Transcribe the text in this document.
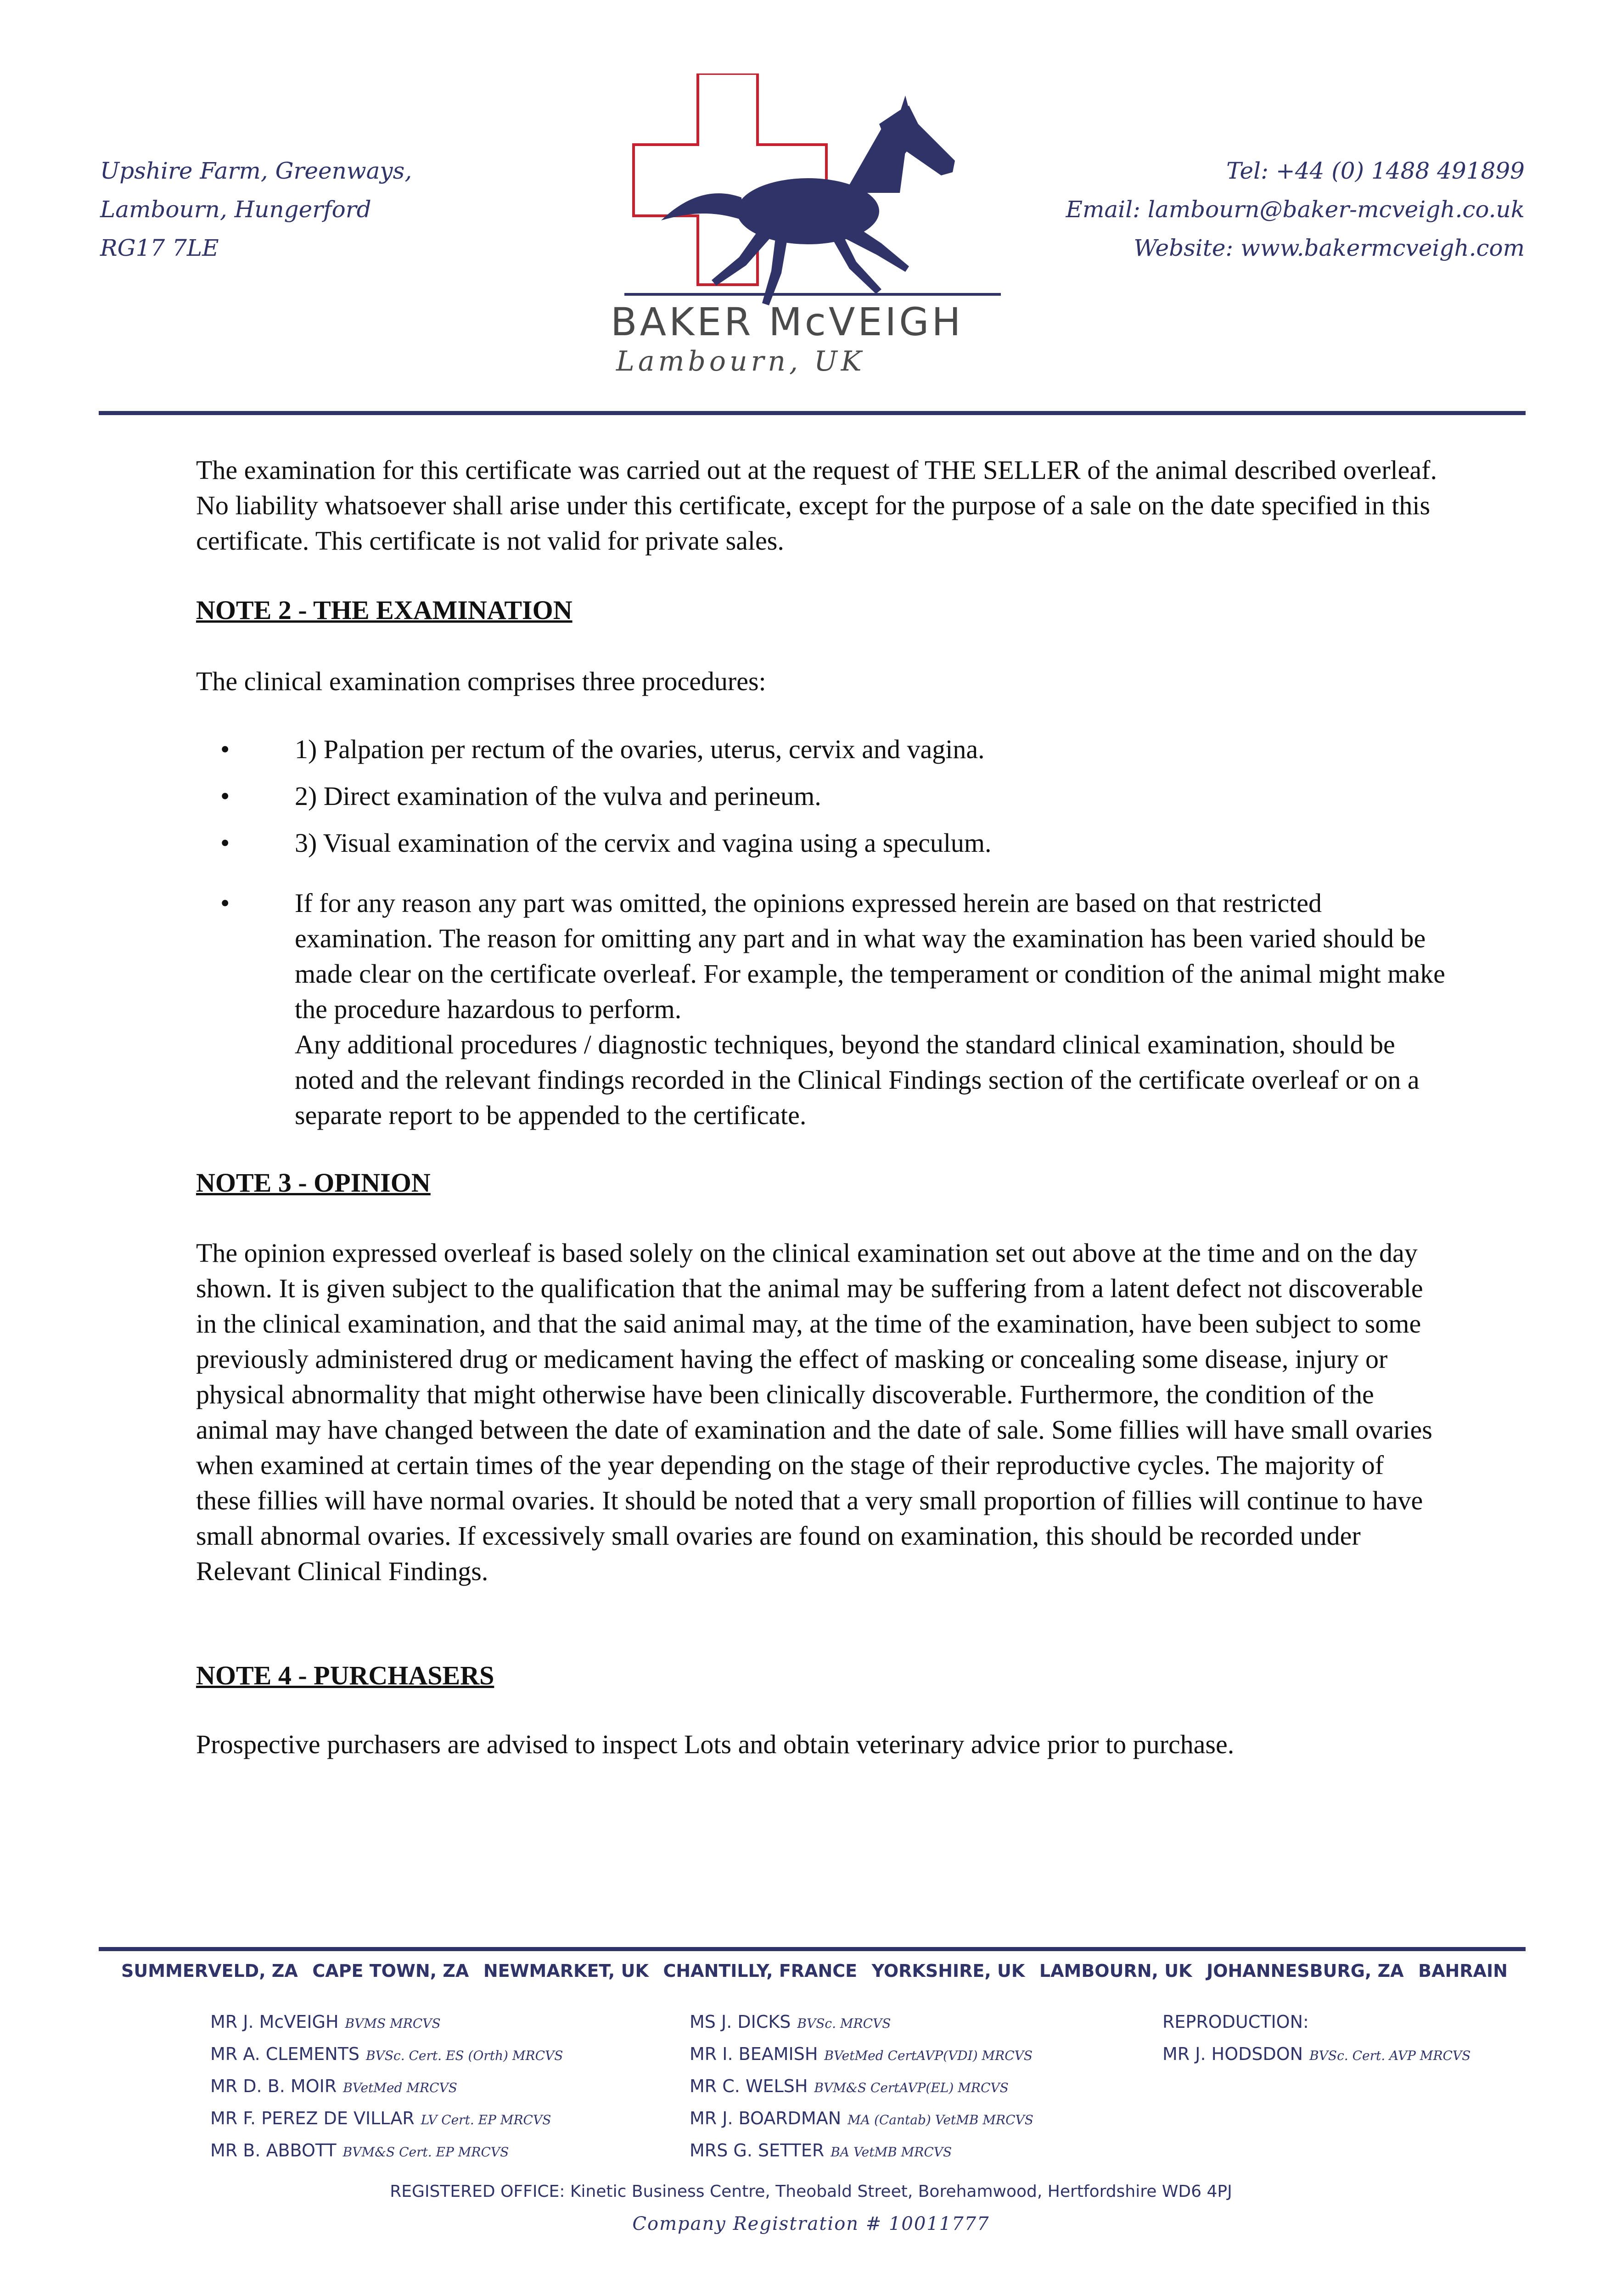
Upshire Farm, Greenways,
Lambourn, Hungerford
RG17 7LE
Tel: +44 (0) 1488 491899
Email: lambourn@baker-mcveigh.co.uk
Website: www.bakermcveigh.com
BAKER McVEIGH
Lambourn, UK

The examination for this certificate was carried out at the request of THE SELLER of the animal described overleaf. No liability whatsoever shall arise under this certificate, except for the purpose of a sale on the date specified in this certificate. This certificate is not valid for private sales.

NOTE 2 - THE EXAMINATION

The clinical examination comprises three procedures:

• 1) Palpation per rectum of the ovaries, uterus, cervix and vagina.
• 2) Direct examination of the vulva and perineum.
• 3) Visual examination of the cervix and vagina using a speculum.
• If for any reason any part was omitted, the opinions expressed herein are based on that restricted examination. The reason for omitting any part and in what way the examination has been varied should be made clear on the certificate overleaf. For example, the temperament or condition of the animal might make the procedure hazardous to perform.
Any additional procedures / diagnostic techniques, beyond the standard clinical examination, should be noted and the relevant findings recorded in the Clinical Findings section of the certificate overleaf or on a separate report to be appended to the certificate.
NOTE 3 - OPINION

The opinion expressed overleaf is based solely on the clinical examination set out above at the time and on the day shown. It is given subject to the qualification that the animal may be suffering from a latent defect not discoverable in the clinical examination, and that the said animal may, at the time of the examination, have been subject to some previously administered drug or medicament having the effect of masking or concealing some disease, injury or physical abnormality that might otherwise have been clinically discoverable. Furthermore, the condition of the animal may have changed between the date of examination and the date of sale. Some fillies will have small ovaries when examined at certain times of the year depending on the stage of their reproductive cycles. The majority of these fillies will have normal ovaries. It should be noted that a very small proportion of fillies will continue to have small abnormal ovaries. If excessively small ovaries are found on examination, this should be recorded under Relevant Clinical Findings.

NOTE 4 - PURCHASERS

Prospective purchasers are advised to inspect Lots and obtain veterinary advice prior to purchase.

SUMMERVELD, ZA CAPE TOWN, ZA NEWMARKET, UK CHANTILLY, FRANCE YORKSHIRE, UK LAMBOURN, UK JOHANNESBURG, ZA BAHRAIN
MR J. McVEIGH BVMS MRCVS
MR A. CLEMENTS BVSc. Cert. ES (Orth) MRCVS
MR D. B. MOIR BVetMed MRCVS
MR F. PEREZ DE VILLAR LV Cert. EP MRCVS
MR B. ABBOTT BVM&S Cert. EP MRCVS
MS J. DICKS BVSc. MRCVS
MR I. BEAMISH BVetMed CertAVP(VDI) MRCVS
MR C. WELSH BVM&S CertAVP(EL) MRCVS
MR J. BOARDMAN MA (Cantab) VetMB MRCVS
MRS G. SETTER BA VetMB MRCVS
REPRODUCTION:
MR J. HODSDON BVSc. Cert. AVP MRCVS
REGISTERED OFFICE: Kinetic Business Centre, Theobald Street, Borehamwood, Hertfordshire WD6 4PJ
Company Registration # 10011777
